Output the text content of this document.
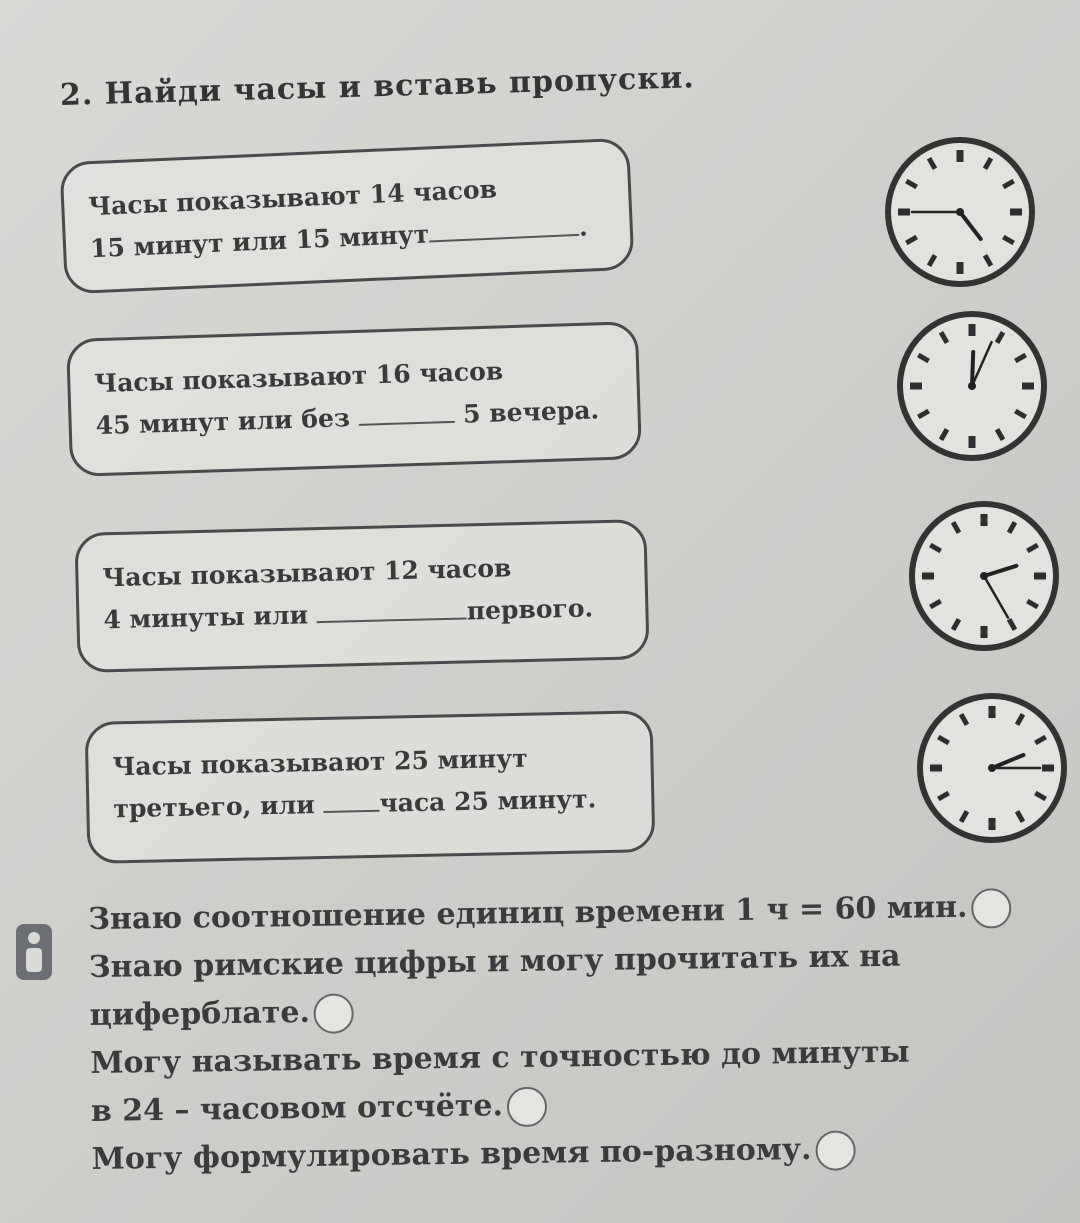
2. Найди часы и вставь пропуски.

Часы показывают 14 часов

15 минут или 15 минут	.

Часы показывают 16 часов

45 минут или без	5 вечера.

Часы показывают 12 часов

4 минуты или	первого.

Часы показывают 25 минут

третьего, или	часа 25 минут.

Знаю соотношение единиц времени 1 ч = 60 мин.
Знаю римские цифры и могу прочитать их на
циферблате.
Могу называть время с точностью до минуты
в 24 – часовом отсчёте.
Могу формулировать время по-разному.
